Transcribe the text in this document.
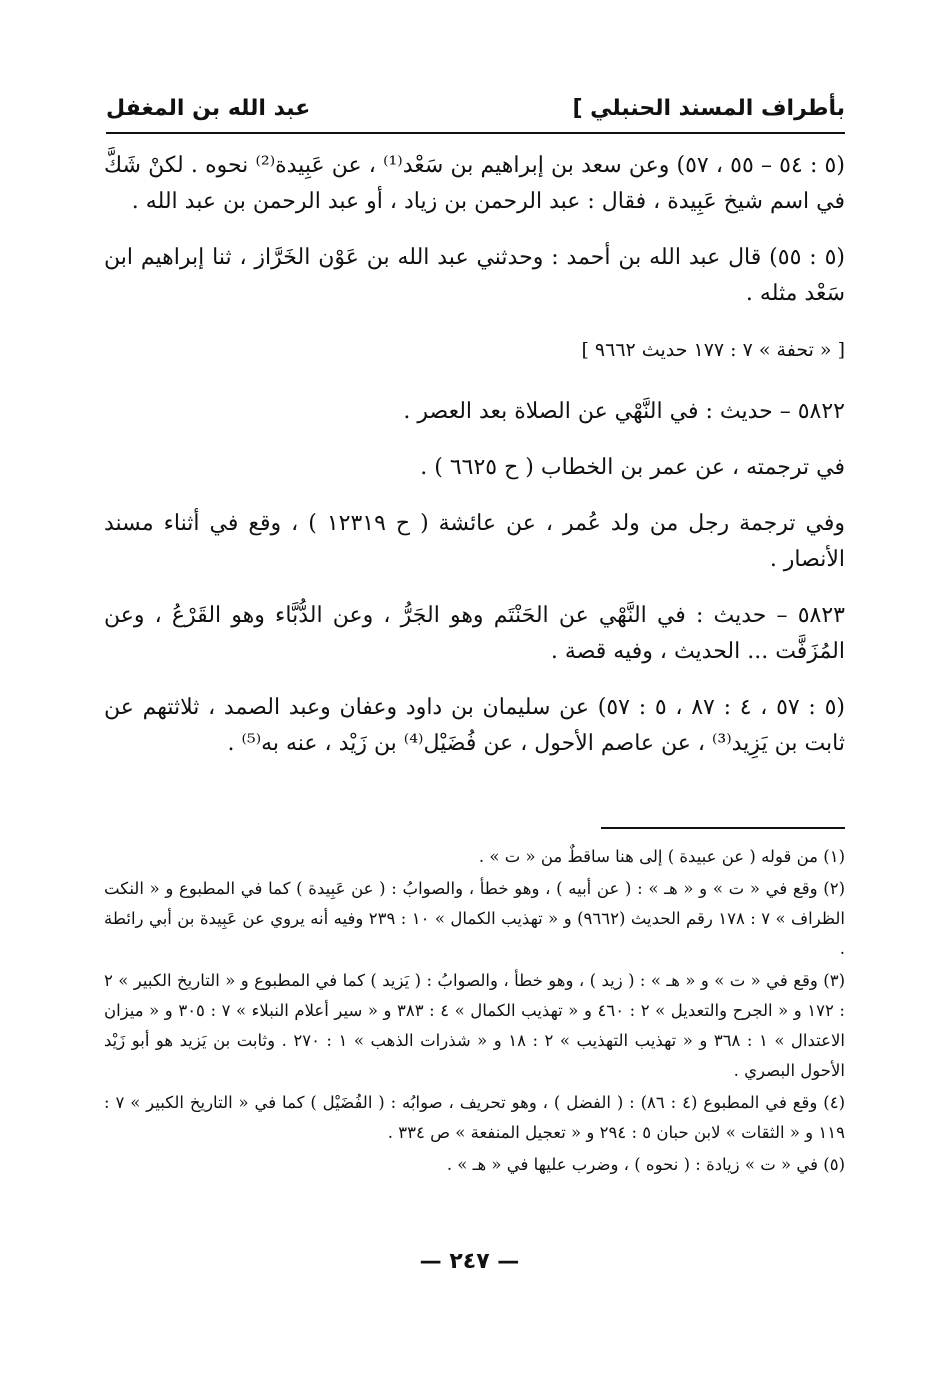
بأطراف المسند الحنبلي ]
عبد الله بن المغفل

(٥ : ٥٤ – ٥٥ ، ٥٧) وعن سعد بن إبراهيم بن سَعْد⁽¹⁾ ، عن عَبِيدة⁽²⁾ نحوه . لكنْ شَكَّ في اسم شيخ عَبِيدة ، فقال : عبد الرحمن بن زياد ، أو عبد الرحمن بن عبد الله .

(٥ : ٥٥) قال عبد الله بن أحمد : وحدثني عبد الله بن عَوْن الخَرَّاز ، ثنا إبراهيم ابن سَعْد مثله .

[ « تحفة » ٧ : ١٧٧ حديث ٩٦٦٢ ]

٥٨٢٢ – حديث : في النَّهْي عن الصلاة بعد العصر .

في ترجمته ، عن عمر بن الخطاب ( ح ٦٦٢٥ ) .

وفي ترجمة رجل من ولد عُمر ، عن عائشة ( ح ١٢٣١٩ ) ، وقع في أثناء مسند الأنصار .

٥٨٢٣ – حديث : في النَّهْي عن الحَنْتَم وهو الجَرُّ ، وعن الدُّبَّاء وهو القَرْعُ ، وعن المُزَفَّت ... الحديث ، وفيه قصة .

(٥ : ٥٧ ، ٤ : ٨٧ ، ٥ : ٥٧) عن سليمان بن داود وعفان وعبد الصمد ، ثلاثتهم عن ثابت بن يَزِيد⁽³⁾ ، عن عاصم الأحول ، عن فُضَيْل⁽⁴⁾ بن زَيْد ، عنه به⁽⁵⁾ .

(١) من قوله ( عن عبيدة ) إلى هنا ساقطٌ من « ت » .

(٢) وقع في « ت » و « هـ » : ( عن أبيه ) ، وهو خطأ ، والصوابُ : ( عن عَبِيدة ) كما في المطبوع و « النكت الظراف » ٧ : ١٧٨ رقم الحديث (٩٦٦٢) و « تهذيب الكمال » ١٠ : ٢٣٩ وفيه أنه يروي عن عَبِيدة بن أبي رائطة .

(٣) وقع في « ت » و « هـ » : ( زيد ) ، وهو خطأ ، والصوابُ : ( يَزيد ) كما في المطبوع و « التاريخ الكبير » ٢ : ١٧٢ و « الجرح والتعديل » ٢ : ٤٦٠ و « تهذيب الكمال » ٤ : ٣٨٣ و « سير أعلام النبلاء » ٧ : ٣٠٥ و « ميزان الاعتدال » ١ : ٣٦٨ و « تهذيب التهذيب » ٢ : ١٨ و « شذرات الذهب » ١ : ٢٧٠ . وثابت بن يَزيد هو أبو زَيْد الأحول البصري .

(٤) وقع في المطبوع (٤ : ٨٦) : ( الفضل ) ، وهو تحريف ، صوابُه : ( الفُضَيْل ) كما في « التاريخ الكبير » ٧ : ١١٩ و « الثقات » لابن حبان ٥ : ٢٩٤ و « تعجيل المنفعة » ص ٣٣٤ .

(٥) في « ت » زيادة : ( نحوه ) ، وضرب عليها في « هـ » .

— ٢٤٧ —
